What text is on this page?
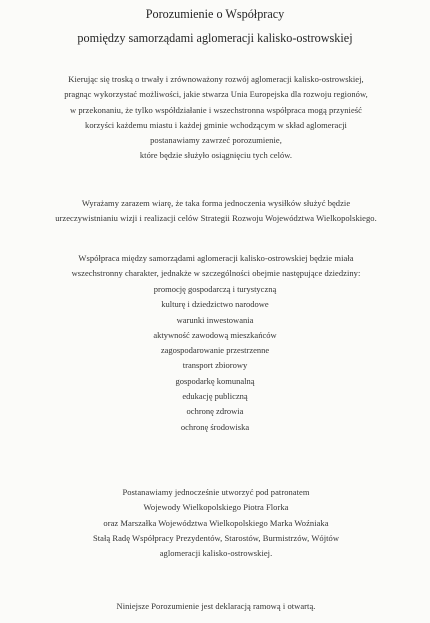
Porozumienie o Współpracy
pomiędzy samorządami aglomeracji kalisko-ostrowskiej
Kierując się troską o trwały i zrównoważony rozwój aglomeracji kalisko-ostrowskiej,
pragnąc wykorzystać możliwości, jakie stwarza Unia Europejska dla rozwoju regionów,
w przekonaniu, że tylko współdziałanie i wszechstronna współpraca mogą przynieść
korzyści każdemu miastu i każdej gminie wchodzącym w skład aglomeracji
postanawiamy zawrzeć porozumienie,
które będzie służyło osiągnięciu tych celów.
Wyrażamy zarazem wiarę, że taka forma jednoczenia wysiłków służyć będzie
urzeczywistnianiu wizji i realizacji celów Strategii Rozwoju Województwa Wielkopolskiego.
Współpraca między samorządami aglomeracji kalisko-ostrowskiej będzie miała
wszechstronny charakter, jednakże w szczególności obejmie następujące dziedziny:
promocję gospodarczą i turystyczną
kulturę i dziedzictwo narodowe
warunki inwestowania
aktywność zawodową mieszkańców
zagospodarowanie przestrzenne
transport zbiorowy
gospodarkę komunalną
edukację publiczną
ochronę zdrowia
ochronę środowiska
Postanawiamy jednocześnie utworzyć pod patronatem
Wojewody Wielkopolskiego Piotra Florka
oraz Marszałka Województwa Wielkopolskiego Marka Woźniaka
Stałą Radę Współpracy Prezydentów, Starostów, Burmistrzów, Wójtów
aglomeracji kalisko-ostrowskiej.
Niniejsze Porozumienie jest deklaracją ramową i otwartą.
